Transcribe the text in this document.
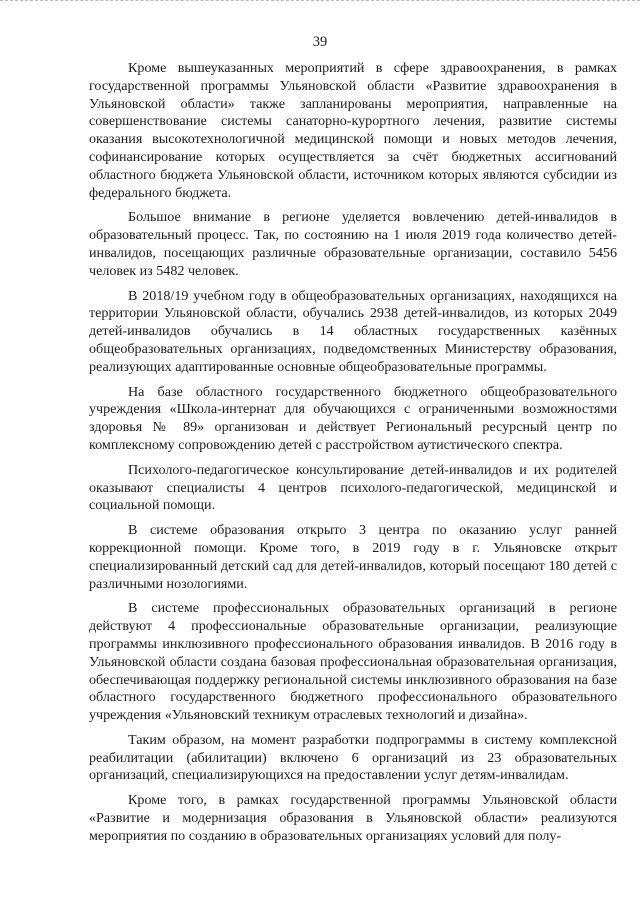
39

Кроме вышеуказанных мероприятий в сфере здравоохранения, в рамках государственной программы Ульяновской области «Развитие здравоохранения в Ульяновской области» также запланированы мероприятия, направленные на совершенствование системы санаторно-курортного лечения, развитие системы оказания высокотехнологичной медицинской помощи и новых методов лечения, софинансирование которых осуществляется за счёт бюджетных ассигнований областного бюджета Ульяновской области, источником которых являются субсидии из федерального бюджета.

Большое внимание в регионе уделяется вовлечению детей-инвалидов в образовательный процесс. Так, по состоянию на 1 июля 2019 года количество детей-инвалидов, посещающих различные образовательные организации, составило 5456 человек из 5482 человек.

В 2018/19 учебном году в общеобразовательных организациях, находящихся на территории Ульяновской области, обучались 2938 детей-инвалидов, из которых 2049 детей-инвалидов обучались в 14 областных государственных казённых общеобразовательных организациях, подведомственных Министерству образования, реализующих адаптированные основные общеобразовательные программы.

На базе областного государственного бюджетного общеобразовательного учреждения «Школа-интернат для обучающихся с ограниченными возможностями здоровья № 89» организован и действует Региональный ресурсный центр по комплексному сопровождению детей с расстройством аутистического спектра.

Психолого-педагогическое консультирование детей-инвалидов и их родителей оказывают специалисты 4 центров психолого-педагогической, медицинской и социальной помощи.

В системе образования открыто 3 центра по оказанию услуг ранней коррекционной помощи. Кроме того, в 2019 году в г. Ульяновске открыт специализированный детский сад для детей-инвалидов, который посещают 180 детей с различными нозологиями.

В системе профессиональных образовательных организаций в регионе действуют 4 профессиональные образовательные организации, реализующие программы инклюзивного профессионального образования инвалидов. В 2016 году в Ульяновской области создана базовая профессиональная образовательная организация, обеспечивающая поддержку региональной системы инклюзивного образования на базе областного государственного бюджетного профессионального образовательного учреждения «Ульяновский техникум отраслевых технологий и дизайна».

Таким образом, на момент разработки подпрограммы в систему комплексной реабилитации (абилитации) включено 6 организаций из 23 образовательных организаций, специализирующихся на предоставлении услуг детям-инвалидам.

Кроме того, в рамках государственной программы Ульяновской области «Развитие и модернизация образования в Ульяновской области» реализуются мероприятия по созданию в образовательных организациях условий для полу-
